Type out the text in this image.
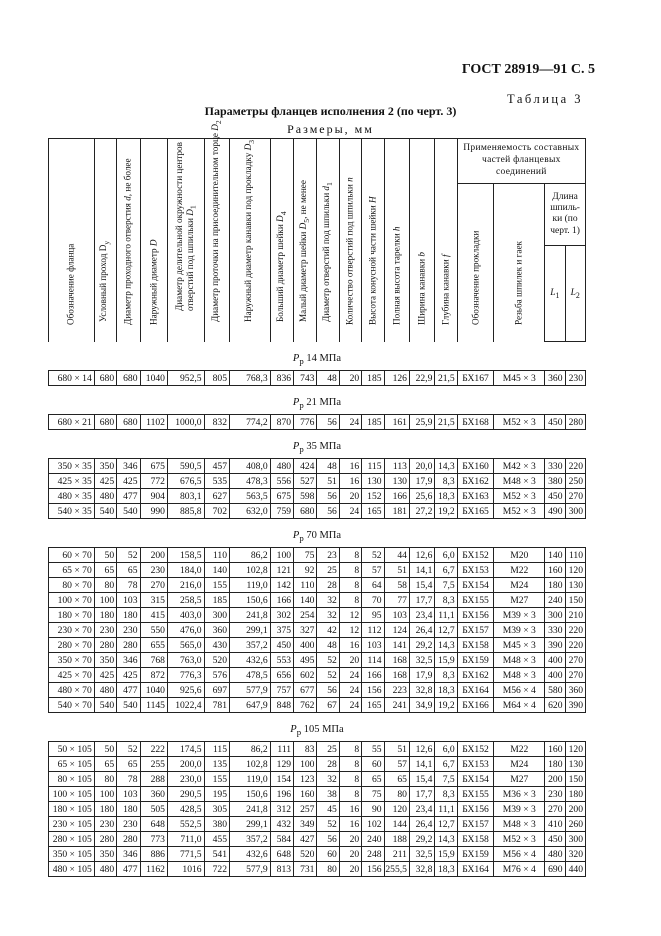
ГОСТ 28919—91 С. 5
Таблица 3
Параметры фланцев исполнения 2 (по черт. 3)
Размеры, мм
Обозначение фланца	Условный проход $D_y$	Диаметр проходного отверстия d, не более	Наружный диаметр D	Диаметр делительной окружности центров отверстий под шпильки $D_1$	Диаметр проточки на присоединительном торце $D_2$	Наружный диаметр канавки под прокладку $D_3$	Больший диаметр шейки $D_4$	Малый диаметр шейки $D_5$, не менее	Диаметр отверстий под шпильки $d_1$	Количество отверстий под шпильки n	Высота конусной части шейки H	Полная высота тарелки h	Ширина канавки b	Глубина канавки f	Применяемость составных частей фланцевых соединений			

															Обозначение прокладки	Резьба шпилек и гаек	Длина шпиль-ки (по черт. 1)	
																	$L_1$	$L_2$
$P_р$ 14 МПа																		
680 × 14	680	680	1040	952,5	805	768,3	836	743	48	20	185	126	22,9	21,5	БХ167	М45 × 3	360	230
$P_р$ 21 МПа																		
680 × 21	680	680	1102	1000,0	832	774,2	870	776	56	24	185	161	25,9	21,5	БХ168	М52 × 3	450	280
$P_р$ 35 МПа																		
350 × 35	350	346	675	590,5	457	408,0	480	424	48	16	115	113	20,0	14,3	БХ160	М42 × 3	330	220
425 × 35	425	425	772	676,5	535	478,3	556	527	51	16	130	130	17,9	8,3	БХ162	М48 × 3	380	250
480 × 35	480	477	904	803,1	627	563,5	675	598	56	20	152	166	25,6	18,3	БХ163	М52 × 3	450	270
540 × 35	540	540	990	885,8	702	632,0	759	680	56	24	165	181	27,2	19,2	БХ165	М52 × 3	490	300
$P_р$ 70 МПа																		
60 × 70	50	52	200	158,5	110	86,2	100	75	23	8	52	44	12,6	6,0	БХ152	М20	140	110
65 × 70	65	65	230	184,0	140	102,8	121	92	25	8	57	51	14,1	6,7	БХ153	М22	160	120
80 × 70	80	78	270	216,0	155	119,0	142	110	28	8	64	58	15,4	7,5	БХ154	М24	180	130
100 × 70	100	103	315	258,5	185	150,6	166	140	32	8	70	77	17,7	8,3	БХ155	М27	240	150
180 × 70	180	180	415	403,0	300	241,8	302	254	32	12	95	103	23,4	11,1	БХ156	М39 × 3	300	210
230 × 70	230	230	550	476,0	360	299,1	375	327	42	12	112	124	26,4	12,7	БХ157	М39 × 3	330	220
280 × 70	280	280	655	565,0	430	357,2	450	400	48	16	103	141	29,2	14,3	БХ158	М45 × 3	390	220
350 × 70	350	346	768	763,0	520	432,6	553	495	52	20	114	168	32,5	15,9	БХ159	М48 × 3	400	270
425 × 70	425	425	872	776,3	576	478,5	656	602	52	24	166	168	17,9	8,3	БХ162	М48 × 3	400	270
480 × 70	480	477	1040	925,6	697	577,9	757	677	56	24	156	223	32,8	18,3	БХ164	М56 × 4	580	360
540 × 70	540	540	1145	1022,4	781	647,9	848	762	67	24	165	241	34,9	19,2	БХ166	М64 × 4	620	390
$P_р$ 105 МПа																		
50 × 105	50	52	222	174,5	115	86,2	111	83	25	8	55	51	12,6	6,0	БХ152	М22	160	120
65 × 105	65	65	255	200,0	135	102,8	129	100	28	8	60	57	14,1	6,7	БХ153	М24	180	130
80 × 105	80	78	288	230,0	155	119,0	154	123	32	8	65	65	15,4	7,5	БХ154	М27	200	150
100 × 105	100	103	360	290,5	195	150,6	196	160	38	8	75	80	17,7	8,3	БХ155	М36 × 3	230	180
180 × 105	180	180	505	428,5	305	241,8	312	257	45	16	90	120	23,4	11,1	БХ156	М39 × 3	270	200
230 × 105	230	230	648	552,5	380	299,1	432	349	52	16	102	144	26,4	12,7	БХ157	М48 × 3	410	260
280 × 105	280	280	773	711,0	455	357,2	584	427	56	20	240	188	29,2	14,3	БХ158	М52 × 3	450	300
350 × 105	350	346	886	771,5	541	432,6	648	520	60	20	248	211	32,5	15,9	БХ159	М56 × 4	480	320
480 × 105	480	477	1162	1016	722	577,9	813	731	80	20	156	255,5	32,8	18,3	БХ164	М76 × 4	690	440
